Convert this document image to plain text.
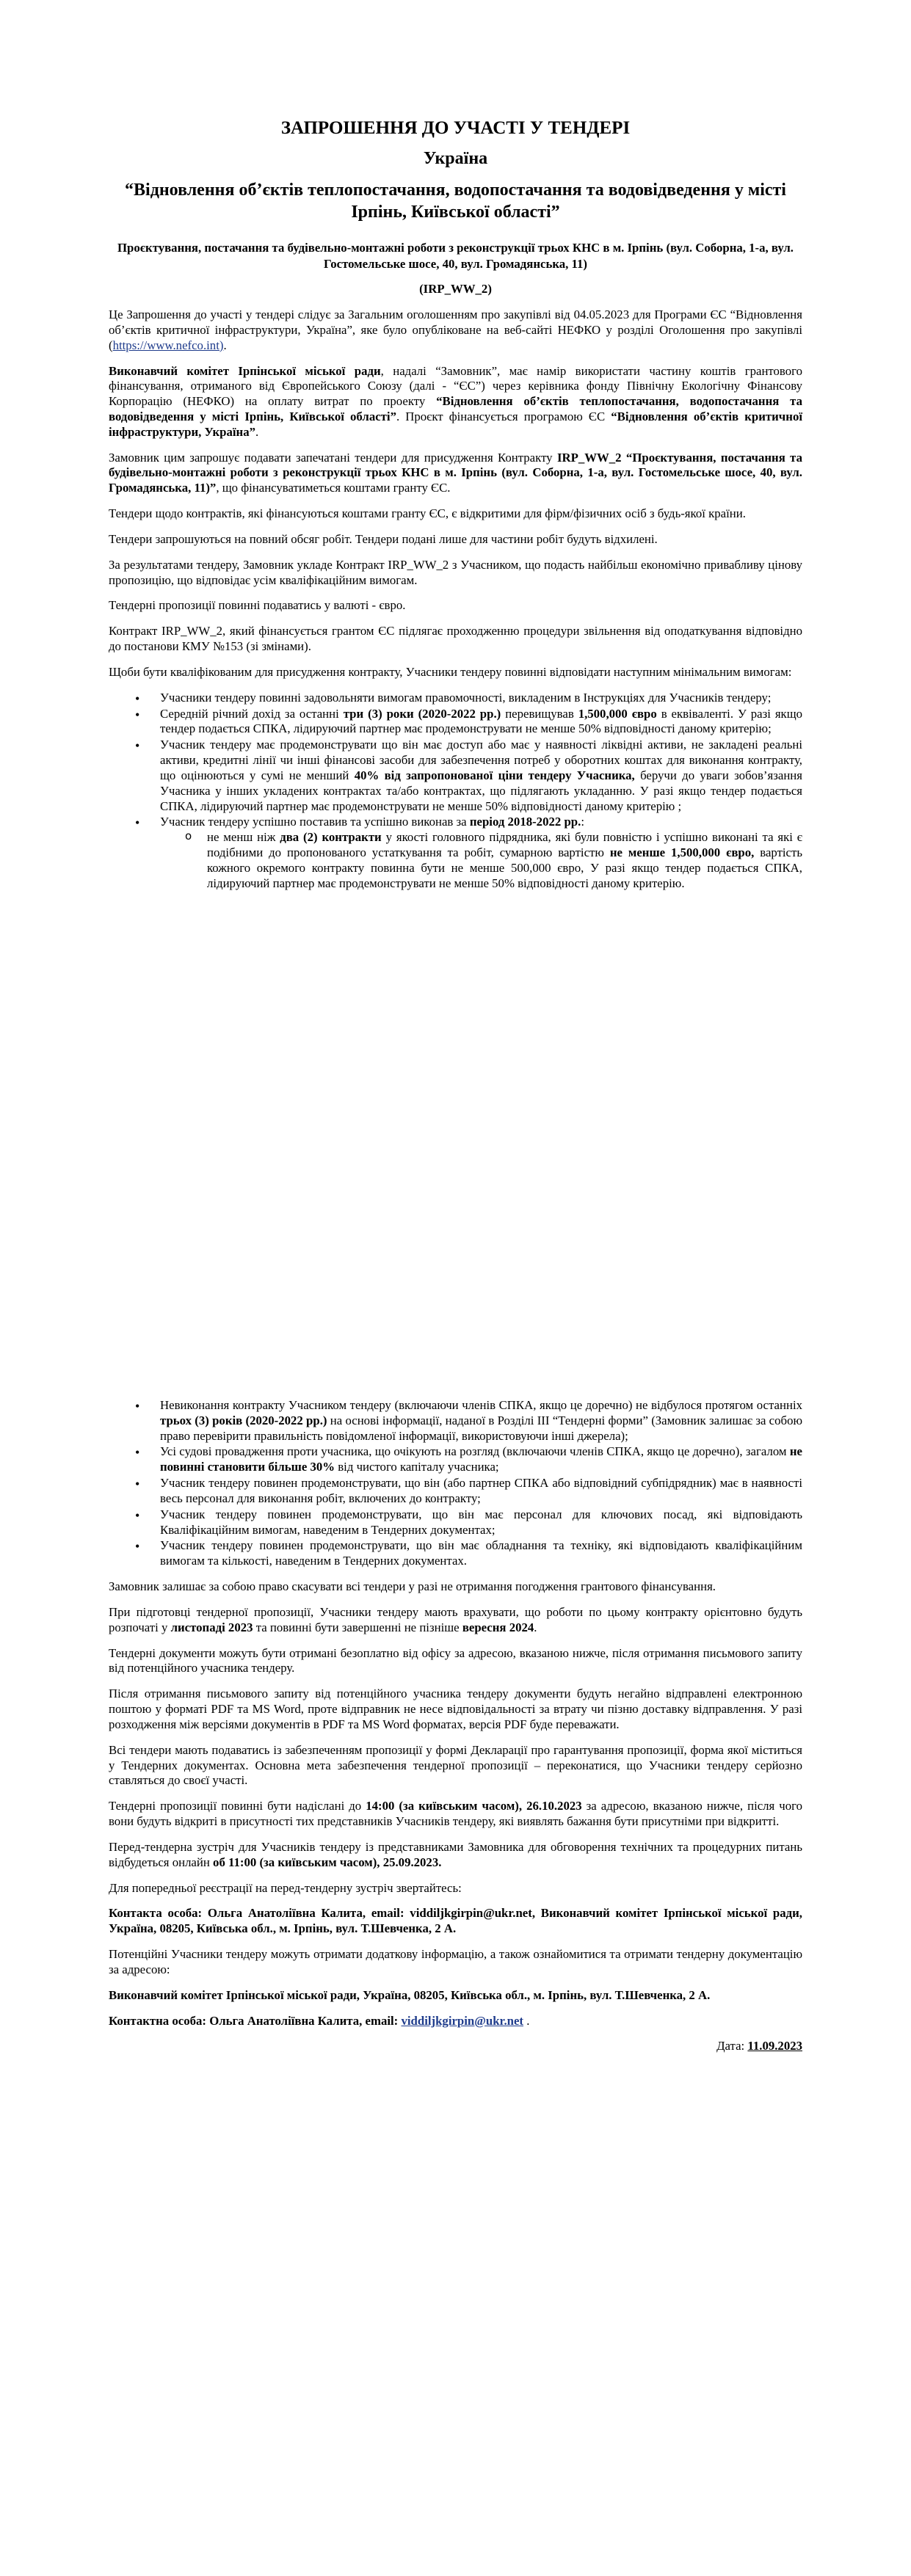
ЗАПРОШЕННЯ ДО УЧАСТІ У ТЕНДЕРІ
Україна
“Відновлення об’єктів теплопостачання, водопостачання та водовідведення у місті Ірпінь, Київської області”
Проєктування, постачання та будівельно-монтажні роботи з реконструкції трьох КНС в м. Ірпінь (вул. Соборна, 1-а, вул. Гостомельське шосе, 40, вул. Громадянська, 11)
(IRP_WW_2)

Це Запрошення до участі у тендері слідує за Загальним оголошенням про закупівлі від 04.05.2023 для Програми ЄС “Відновлення об’єктів критичної інфраструктури, Україна”, яке було опубліковане на веб-сайті НЕФКО у розділі Оголошення про закупівлі (https://www.nefco.int).

Виконавчий комітет Ірпінської міської ради, надалі “Замовник”, має намір використати частину коштів грантового фінансування, отриманого від Європейського Союзу (далі - “ЄС”) через керівника фонду Північну Екологічну Фінансову Корпорацію (НЕФКО) на оплату витрат по проекту “Відновлення об’єктів теплопостачання, водопостачання та водовідведення у місті Ірпінь, Київської області”. Проєкт фінансується програмою ЄС “Відновлення об’єктів критичної інфраструктури, Україна”.

Замовник цим запрошує подавати запечатані тендери для присудження Контракту IRP_WW_2 “Проєктування, постачання та будівельно-монтажні роботи з реконструкції трьох КНС в м. Ірпінь (вул. Соборна, 1-а, вул. Гостомельське шосе, 40, вул. Громадянська, 11)”, що фінансуватиметься коштами гранту ЄС.

Тендери щодо контрактів, які фінансуються коштами гранту ЄС, є відкритими для фірм/фізичних осіб з будь-якої країни.

Тендери запрошуються на повний обсяг робіт. Тендери подані лише для частини робіт будуть відхилені.

За результатами тендеру, Замовник укладе Контракт IRP_WW_2 з Учасником, що подасть найбільш економічно привабливу цінову пропозицію, що відповідає усім кваліфікаційним вимогам.

Тендерні пропозиції повинні подаватись у валюті - євро.

Контракт IRP_WW_2, який фінансується грантом ЄС підлягає проходженню процедури звільнення від оподаткування відповідно до постанови КМУ №153 (зі змінами).

Щоби бути кваліфікованим для присудження контракту, Учасники тендеру повинні відповідати наступним мінімальним вимогам:

• Учасники тендеру повинні задовольняти вимогам правомочності, викладеним в Інструкціях для Учасників тендеру;
• Середній річний дохід за останні три (3) роки (2020-2022 рр.) перевищував 1,500,000 євро в еквіваленті. У разі якщо тендер подається СПКА, лідируючий партнер має продемонструвати не менше 50% відповідності даному критерію;
• Учасник тендеру має продемонструвати що він має доступ або має у наявності ліквідні активи, не закладені реальні активи, кредитні лінії чи інші фінансові засоби для забезпечення потреб у оборотних коштах для виконання контракту, що оцінюються у сумі не менший 40% від запропонованої ціни тендеру Учасника, беручи до уваги зобов’язання Учасника у інших укладених контрактах та/або контрактах, що підлягають укладанню. У разі якщо тендер подається СПКА, лідируючий партнер має продемонструвати не менше 50% відповідності даному критерію ;
• Учасник тендеру успішно поставив та успішно виконав за період 2018-2022 рр.:
o не менш ніж два (2) контракти у якості головного підрядника, які були повністю і успішно виконані та які є подібними до пропонованого устаткування та робіт, сумарною вартістю не менше 1,500,000 євро, вартість кожного окремого контракту повинна бути не менше 500,000 євро, У разі якщо тендер подається СПКА, лідируючий партнер має продемонструвати не менше 50% відповідності даному критерію.
• Невиконання контракту Учасником тендеру (включаючи членів СПКА, якщо це доречно) не відбулося протягом останніх трьох (3) років (2020-2022 рр.) на основі інформації, наданої в Розділі III “Тендерні форми” (Замовник залишає за собою право перевірити правильність повідомленої інформації, використовуючи інші джерела);
• Усі судові провадження проти учасника, що очікують на розгляд (включаючи членів СПКА, якщо це доречно), загалом не повинні становити більше 30% від чистого капіталу учасника;
• Учасник тендеру повинен продемонструвати, що він (або партнер СПКА або відповідний субпідрядник) має в наявності весь персонал для виконання робіт, включених до контракту;
• Учасник тендеру повинен продемонструвати, що він має персонал для ключових посад, які відповідають Кваліфікаційним вимогам, наведеним в Тендерних документах;
• Учасник тендеру повинен продемонструвати, що він має обладнання та техніку, які відповідають кваліфікаційним вимогам та кількості, наведеним в Тендерних документах.

Замовник залишає за собою право скасувати всі тендери у разі не отримання погодження грантового фінансування.

При підготовці тендерної пропозиції, Учасники тендеру мають врахувати, що роботи по цьому контракту орієнтовно будуть розпочаті у листопаді 2023 та повинні бути завершенні не пізніше вересня 2024.

Тендерні документи можуть бути отримані безоплатно від офісу за адресою, вказаною нижче, після отримання письмового запиту від потенційного учасника тендеру.

Після отримання письмового запиту від потенційного учасника тендеру документи будуть негайно відправлені електронною поштою у форматі PDF та MS Word, проте відправник не несе відповідальності за втрату чи пізню доставку відправлення. У разі розходження між версіями документів в PDF та MS Word форматах, версія PDF буде переважати.

Всі тендери мають подаватись із забезпеченням пропозиції у формі Декларації про гарантування пропозиції, форма якої міститься у Тендерних документах. Основна мета забезпечення тендерної пропозиції – переконатися, що Учасники тендеру серйозно ставляться до своєї участі.

Тендерні пропозиції повинні бути надіслані до 14:00 (за київським часом), 26.10.2023 за адресою, вказаною нижче, після чого вони будуть відкриті в присутності тих представників Учасників тендеру, які виявлять бажання бути присутніми при відкритті.

Перед-тендерна зустріч для Учасників тендеру із представниками Замовника для обговорення технічних та процедурних питань відбудеться онлайн об 11:00 (за київським часом), 25.09.2023.

Для попередньої реєстрації на перед-тендерну зустріч звертайтесь:

Контакта особа: Ольга Анатоліївна Калита, email: viddiljkgirpin@ukr.net, Виконавчий комітет Ірпінської міської ради, Україна, 08205, Київська обл., м. Ірпінь, вул. Т.Шевченка, 2 А.

Потенційні Учасники тендеру можуть отримати додаткову інформацію, а також ознайомитися та отримати тендерну документацію за адресою:

Виконавчий комітет Ірпінської міської ради, Україна, 08205, Київська обл., м. Ірпінь, вул. Т.Шевченка, 2 А.

Контактна особа: Ольга Анатоліївна Калита, email: viddiljkgirpin@ukr.net .

Дата: 11.09.2023
